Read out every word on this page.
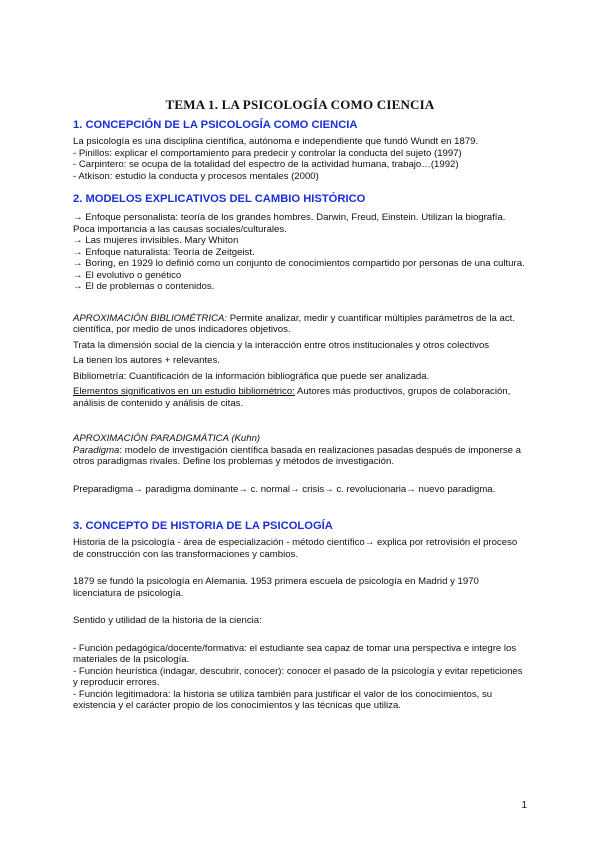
TEMA 1. LA PSICOLOGÍA COMO CIENCIA

1. CONCEPCIÓN DE LA PSICOLOGÍA COMO CIENCIA

La psicología es una disciplina científica, autónoma e independiente que fundó Wundt en 1879.

- Pinillos: explicar el comportamiento para predecir y controlar la conducta del sujeto (1997)

- Carpintero: se ocupa de la totalidad del espectro de la actividad humana, trabajo…(1992)

- Atkison: estudio la conducta y procesos mentales (2000)

2. MODELOS EXPLICATIVOS DEL CAMBIO HISTÓRICO

→ Enfoque personalista: teoría de los grandes hombres. Darwin, Freud, Einstein. Utilizan la biografía. Poca importancia a las causas sociales/culturales.

→ Las mujeres invisibles. Mary Whiton

→ Enfoque naturalista: Teoría de Zeitgeist.

→ Boring, en 1929 lo definió como un conjunto de conocimientos compartido por personas de una cultura.

→ El evolutivo o genético

→ El de problemas o contenidos.

APROXIMACIÓN BIBLIOMÉTRICA: Permite analizar, medir y cuantificar múltiples parámetros de la act. científica, por medio de unos indicadores objetivos.

Trata la dimensión social de la ciencia y la interacción entre otros institucionales y otros colectivos

La tienen los autores + relevantes.

Bibliometría: Cuantificación de la información bibliográfica que puede ser analizada.

Elementos significativos en un estudio bibliométrico: Autores más productivos, grupos de colaboración, análisis de contenido y análisis de citas.

APROXIMACIÓN PARADIGMÁTICA (Kuhn)

Paradigma: modelo de investigación científica basada en realizaciones pasadas después de imponerse a otros paradigmas rivales. Define los problemas y métodos de investigación.

Preparadigma→ paradigma dominante→ c. normal→ crisis→ c. revolucionaria→ nuevo paradigma.

3. CONCEPTO DE HISTORIA DE LA PSICOLOGÍA

Historia de la psicología - área de especialización - método científico→ explica por retrovisión el proceso de construcción con las transformaciones y cambios.

1879 se fundó la psicología en Alemania. 1953 primera escuela de psicología en Madrid y 1970 licenciatura de psicología.

Sentido y utilidad de la historia de la ciencia:

- Función pedagógica/docente/formativa: el estudiante sea capaz de tomar una perspectiva e integre los materiales de la psicología.

- Función heurística (indagar, descubrir, conocer): conocer el pasado de la psicología y evitar repeticiones y reproducir errores.

- Función legitimadora: la historia se utiliza también para justificar el valor de los conocimientos, su existencia y el carácter propio de los conocimientos y las técnicas que utiliza.

1
